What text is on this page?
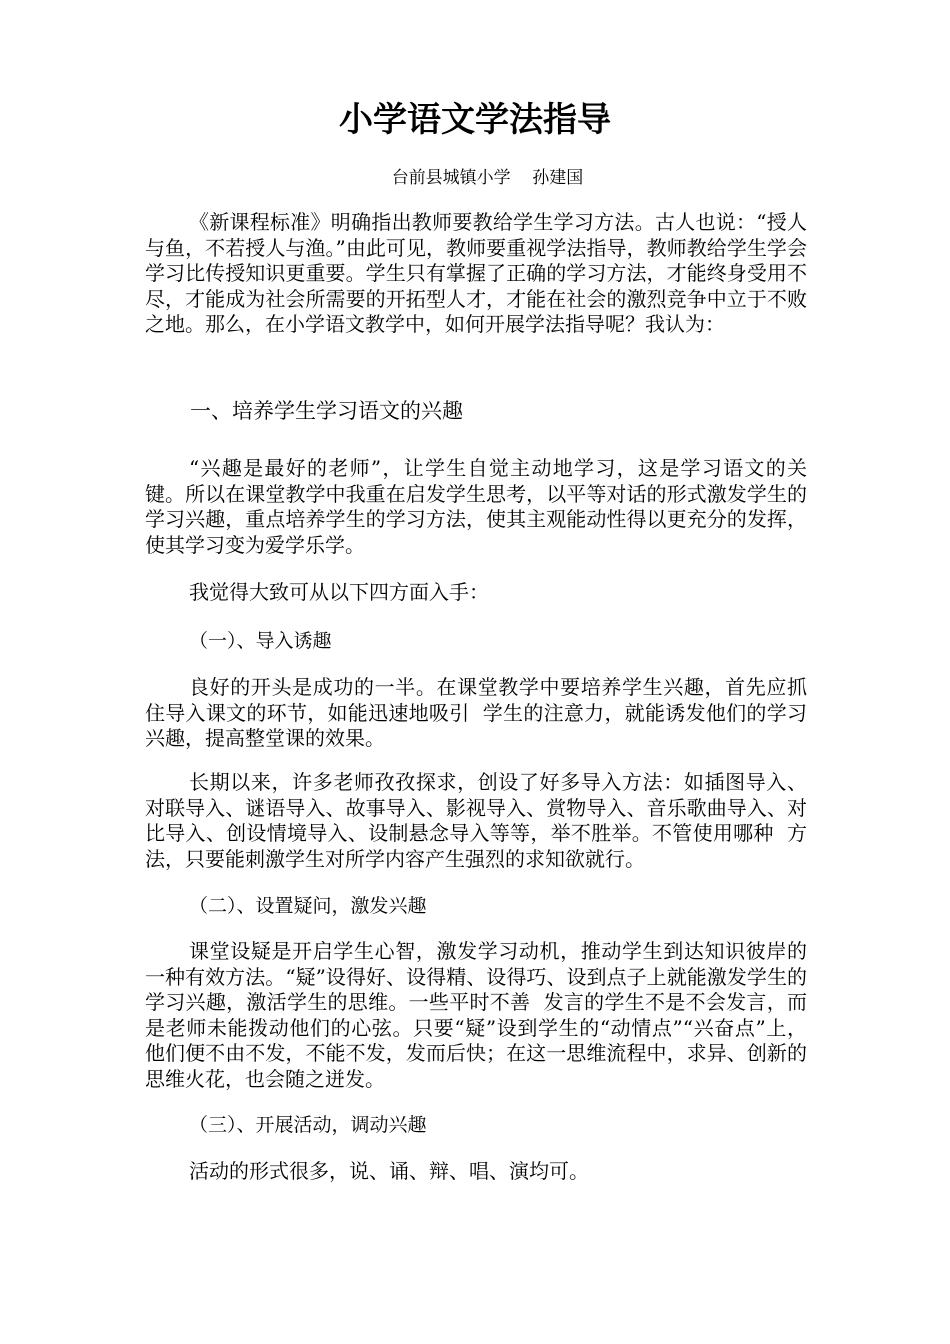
小学语文学法指导

台前县城镇小学    孙建国

《新课程标准》明确指出教师要教给学生学习方法。古人也说：“授人与鱼，不若授人与渔。”由此可见，教师要重视学法指导，教师教给学生学会学习比传授知识更重要。学生只有掌握了正确的学习方法，才能终身受用不尽，才能成为社会所需要的开拓型人才，才能在社会的激烈竞争中立于不败之地。那么，在小学语文教学中，如何开展学法指导呢？我认为：

一、培养学生学习语文的兴趣

“兴趣是最好的老师”，让学生自觉主动地学习，这是学习语文的关键。所以在课堂教学中我重在启发学生思考，以平等对话的形式激发学生的学习兴趣，重点培养学生的学习方法，使其主观能动性得以更充分的发挥，使其学习变为爱学乐学。

我觉得大致可从以下四方面入手：

（一）、导入诱趣

良好的开头是成功的一半。在课堂教学中要培养学生兴趣，首先应抓住导入课文的环节，如能迅速地吸引  学生的注意力，就能诱发他们的学习兴趣，提高整堂课的效果。

长期以来，许多老师孜孜探求，创设了好多导入方法：如插图导入、对联导入、谜语导入、故事导入、影视导入、赏物导入、音乐歌曲导入、对比导入、创设情境导入、设制悬念导入等等，举不胜举。不管使用哪种  方法，只要能刺激学生对所学内容产生强烈的求知欲就行。

（二）、设置疑问，激发兴趣

课堂设疑是开启学生心智，激发学习动机，推动学生到达知识彼岸的一种有效方法。“疑”设得好、设得精、设得巧、设到点子上就能激发学生的学习兴趣，激活学生的思维。一些平时不善  发言的学生不是不会发言，而是老师未能拨动他们的心弦。只要“疑”设到学生的“动情点”“兴奋点”上，  他们便不由不发，不能不发，发而后快；在这一思维流程中，求异、创新的思维火花，也会随之迸发。

（三）、开展活动，调动兴趣

活动的形式很多，说、诵、辩、唱、演均可。
